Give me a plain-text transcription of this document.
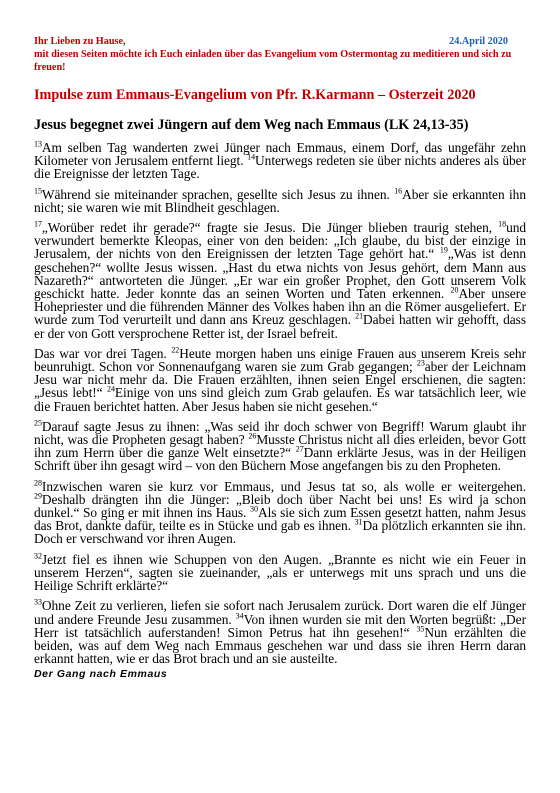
Ihr Lieben zu Hause,	24.April 2020
mit diesen Seiten möchte ich Euch einladen über das Evangelium vom Ostermontag zu meditieren und sich zu freuen!
Impulse zum Emmaus-Evangelium von Pfr. R.Karmann – Osterzeit 2020
Jesus begegnet zwei Jüngern auf dem Weg nach Emmaus (LK 24,13-35)

$^{13}$Am selben Tag wanderten zwei Jünger nach Emmaus, einem Dorf, das ungefähr zehn Kilometer von Jerusalem entfernt liegt. $^{14}$Unterwegs redeten sie über nichts anderes als über die Ereignisse der letzten Tage.

$^{15}$Während sie miteinander sprachen, gesellte sich Jesus zu ihnen. $^{16}$Aber sie erkannten ihn nicht; sie waren wie mit Blindheit geschlagen.

$^{17}$„Worüber redet ihr gerade?“ fragte sie Jesus. Die Jünger blieben traurig stehen, $^{18}$und verwundert bemerkte Kleopas, einer von den beiden: „Ich glaube, du bist der einzige in Jerusalem, der nichts von den Ereignissen der letzten Tage gehört hat.“ $^{19}$„Was ist denn geschehen?“ wollte Jesus wissen. „Hast du etwa nichts von Jesus gehört, dem Mann aus Nazareth?“ antworteten die Jünger. „Er war ein großer Prophet, den Gott unserem Volk geschickt hatte. Jeder konnte das an seinen Worten und Taten erkennen. $^{20}$Aber unsere Hohepriester und die führenden Männer des Volkes haben ihn an die Römer ausgeliefert. Er wurde zum Tod verurteilt und dann ans Kreuz geschlagen. $^{21}$Dabei hatten wir gehofft, dass er der von Gott versprochene Retter ist, der Israel befreit.

Das war vor drei Tagen. $^{22}$Heute morgen haben uns einige Frauen aus unserem Kreis sehr beunruhigt. Schon vor Sonnenaufgang waren sie zum Grab gegangen; $^{23}$aber der Leichnam Jesu war nicht mehr da. Die Frauen erzählten, ihnen seien Engel erschienen, die sagten: „Jesus lebt!“ $^{24}$Einige von uns sind gleich zum Grab gelaufen. Es war tatsächlich leer, wie die Frauen berichtet hatten. Aber Jesus haben sie nicht gesehen.“

$^{25}$Darauf sagte Jesus zu ihnen: „Was seid ihr doch schwer von Begriff! Warum glaubt ihr nicht, was die Propheten gesagt haben? $^{26}$Musste Christus nicht all dies erleiden, bevor Gott ihn zum Herrn über die ganze Welt einsetzte?“ $^{27}$Dann erklärte Jesus, was in der Heiligen Schrift über ihn gesagt wird – von den Büchern Mose angefangen bis zu den Propheten.

$^{28}$Inzwischen waren sie kurz vor Emmaus, und Jesus tat so, als wolle er weitergehen. $^{29}$Deshalb drängten ihn die Jünger: „Bleib doch über Nacht bei uns! Es wird ja schon dunkel.“ So ging er mit ihnen ins Haus. $^{30}$Als sie sich zum Essen gesetzt hatten, nahm Jesus das Brot, dankte dafür, teilte es in Stücke und gab es ihnen. $^{31}$Da plötzlich erkannten sie ihn. Doch er verschwand vor ihren Augen.

$^{32}$Jetzt fiel es ihnen wie Schuppen von den Augen. „Brannte es nicht wie ein Feuer in unserem Herzen“, sagten sie zueinander, „als er unterwegs mit uns sprach und uns die Heilige Schrift erklärte?“

$^{33}$Ohne Zeit zu verlieren, liefen sie sofort nach Jerusalem zurück. Dort waren die elf Jünger und andere Freunde Jesu zusammen. $^{34}$Von ihnen wurden sie mit den Worten begrüßt: „Der Herr ist tatsächlich auferstanden! Simon Petrus hat ihn gesehen!“ $^{35}$Nun erzählten die beiden, was auf dem Weg nach Emmaus geschehen war und dass sie ihren Herrn daran erkannt hatten, wie er das Brot brach und an sie austeilte.

Der Gang nach Emmaus
